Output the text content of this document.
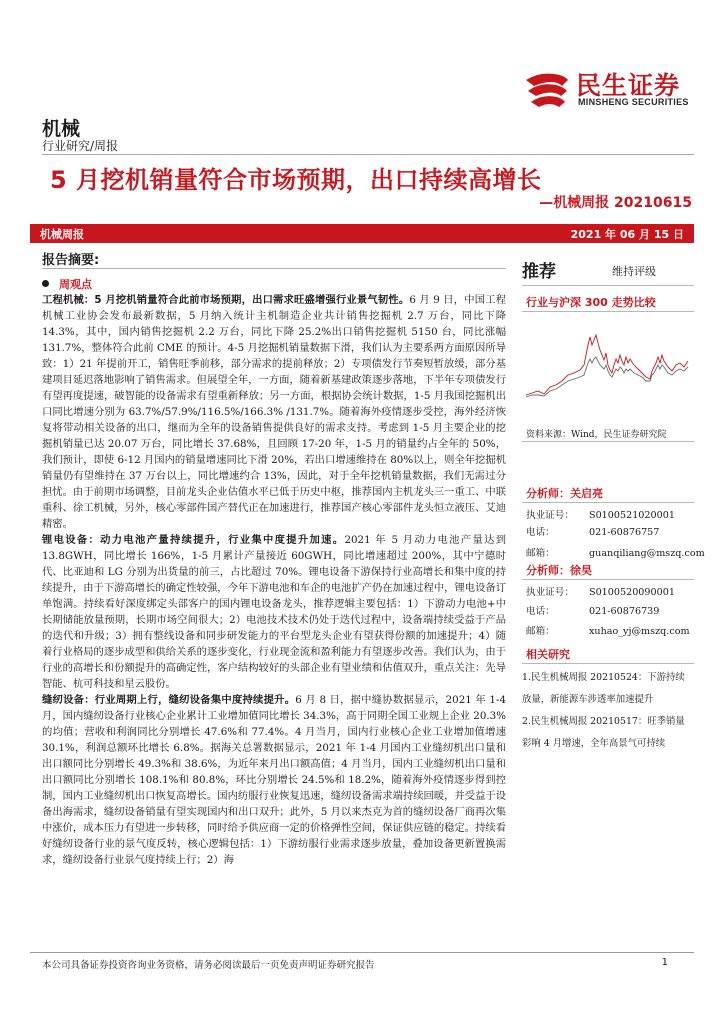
民生证券
MINSHENG SECURITIES
机械
行业研究/周报
5 月挖机销量符合市场预期，出口持续高增长
—机械周报 20210615
机械周报	2021 年 06 月 15 日
报告摘要:
周观点

工程机械：5 月挖机销量符合此前市场预期，出口需求旺盛增强行业景气韧性。6 月 9 日，中国工程机械工业协会发布最新数据，5 月纳入统计主机制造企业共计销售挖掘机 2.7 万台，同比下降 14.3%，其中，国内销售挖掘机 2.2 万台，同比下降 25.2%出口销售挖掘机 5150 台，同比涨幅 131.7%，整体符合此前 CME 的预计。4-5 月挖掘机销量数据下滑，我们认为主要系两方面原因所导致：1）21 年提前开工，销售旺季前移，部分需求的提前释放；2）专项债发行节奏短暂放缓，部分基建项目延迟落地影响了销售需求。但展望全年，一方面，随着新基建政策逐步落地，下半年专项债发行有望再度提速，破智能的设备需求有望重新释放；另一方面，根据协会统计数据，1-5 月我国挖掘机出口同比增速分别为 63.7%/57.9%/116.5%/166.3% /131.7%。随着海外疫情逐步受控，海外经济恢复将带动相关设备的出口，继而为全年的设备销售提供良好的需求支持。考虑到 1-5 月主要企业的挖掘机销量已达 20.07 万台，同比增长 37.68%，且回顾 17-20 年，1-5 月的销量约占全年的 50%，我们预计，即使 6-12 月国内的销量增速同比下滑 20%，若出口增速维持在 80%以上，则全年挖掘机销量仍有望维持在 37 万台以上，同比增速约合 13%，因此，对于全年挖机销量数据，我们无需过分担忧。由于前期市场调整，目前龙头企业估值水平已低于历史中枢，推荐国内主机龙头三一重工、中联重科、徐工机械，另外，核心零部件国产替代正在加速进行，推荐国产核心零部件龙头恒立液压、艾迪精密。

锂电设备：动力电池产量持续提升，行业集中度提升加速。2021 年 5 月动力电池产量达到 13.8GWH，同比增长 166%，1-5 月累计产量接近 60GWH，同比增速超过 200%，其中宁德时代、比亚迪和 LG 分别为出货量的前三，占比超过 70%。锂电设备下游保持行业高增长和集中度的持续提升，由于下游高增长的确定性较强，今年下游电池和车企的电池扩产仍在加速过程中，锂电设备订单饱满。持续看好深度绑定头部客户的国内锂电设备龙头，推荐逻辑主要包括：1）下游动力电池+中长期储能放量预期，长期市场空间很大；2）电池技术技术仍处于迭代过程中，设备端持续受益于产品的迭代和升级；3）拥有整线设备和同步研发能力的平台型龙头企业有望获得份额的加速提升；4）随着行业格局的逐步成型和供给关系的逐步变化，行业现金流和盈利能力有望逐步改善。我们认为，由于行业的高增长和份额提升的高确定性，客户结构较好的头部企业有望业绩和估值双升，重点关注：先导智能、杭可科技和星云股份。

缝纫设备：行业周期上行，缝纫设备集中度持续提升。6 月 8 日，据中缝协数据显示，2021 年 1-4 月，国内缝纫设备行业核心企业累计工业增加值同比增长 34.3%，高于同期全国工业规上企业 20.3%的均值；营收和利润同比分别增长 47.6%和 77.4%。4 月当月，国内行业核心企业工业增加值增速 30.1%，利润总额环比增长 6.8%。据海关总署数据显示，2021 年 1-4 月国内工业缝纫机出口量和出口额同比分别增长 49.3%和 38.6%，为近年来月出口额高值；4 月当月，国内工业缝纫机出口量和出口额同比分别增长 108.1%和 80.8%，环比分别增长 24.5%和 18.2%，随着海外疫情逐步得到控制，国内工业缝纫机出口恢复高增长。国内纺服行业恢复迅速，缝纫设备需求端持续回暖，并受益于设备出海需求，缝纫设备销量有望实现国内和出口双升；此外，5 月以来杰克为首的缝纫设备厂商再次集中涨价，成本压力有望进一步转移，同时给予供应商一定的价格弹性空间，保证供应链的稳定。持续看好缝纫设备行业的景气度反转，核心逻辑包括：1）下游纺服行业需求逐步放量，叠加设备更新置换需求，缝纫设备行业景气度持续上行；2）海

推荐	维持评级
行业与沪深 300 走势比较
资料来源：Wind，民生证券研究院
分析师：关启亮
执业证号： S0100521020001
电话：	021-60876757
邮箱：	guanqiliang@mszq.com
分析师：徐昊
执业证号： S0100520090001
电话：	021-60876739
邮箱：	xuhao_yj@mszq.com
相关研究
1.民生机械周报 20210524：下游持续放量，新能源车涉透率加速提升
2.民生机械周报 20210517：旺季销量彩响 4 月增速，全年高景气可持续
本公司具备证券投资咨询业务资格，请务必阅读最后一页免责声明证券研究报告	1
